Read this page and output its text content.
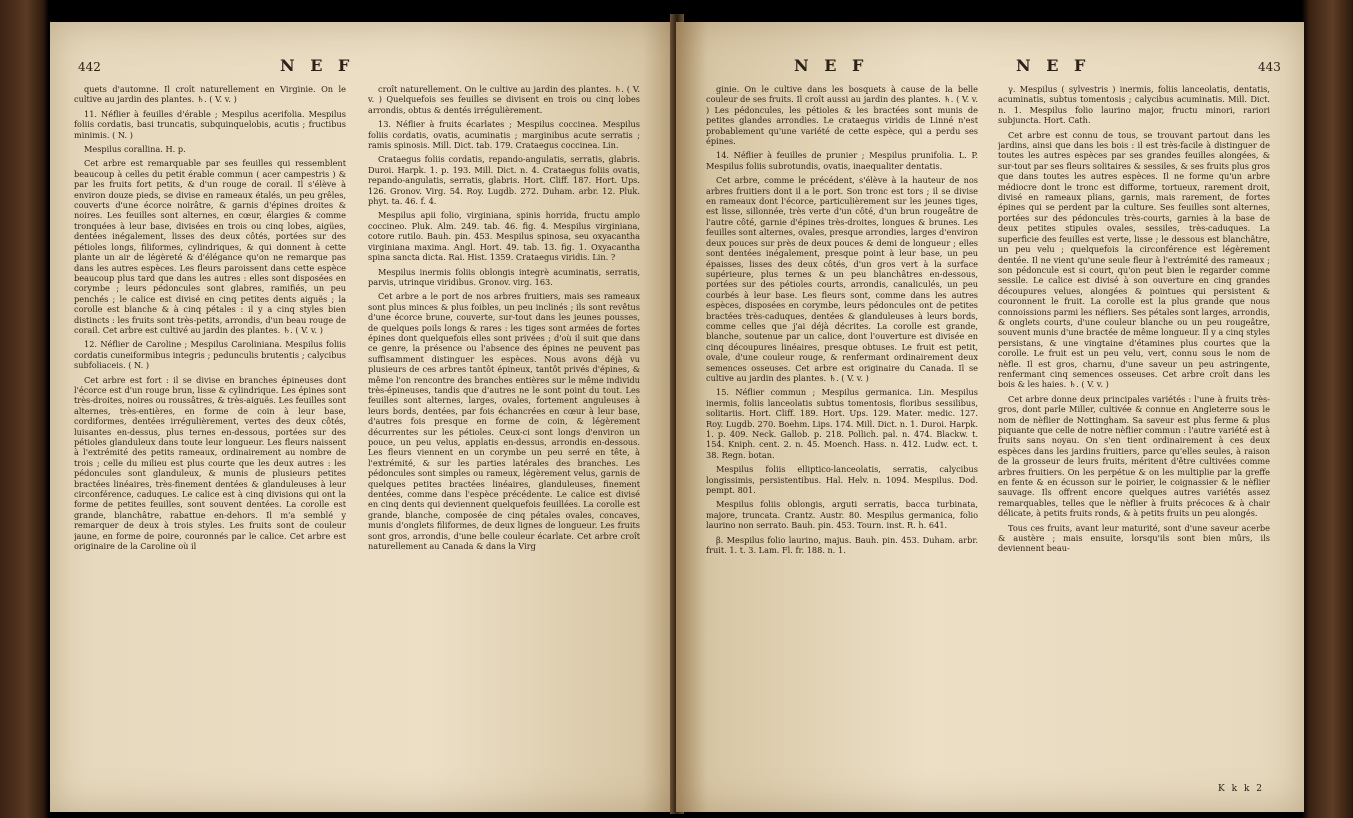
442	N E F

quets d'automne. Il croît naturellement en Virginie. On le cultive au jardin des plantes. ♄. ( V. v. )

11. Néflier à feuilles d'érable ; Mespilus acerifolia. Mespilus foliis cordatis, basi truncatis, subquinquelobis, acutis ; fructibus minimis. ( N. )

Mespilus corallina. H. p.

Cet arbre est remarquable par ses feuilles qui ressemblent beaucoup à celles du petit érable commun ( acer campestris ) & par les fruits fort petits, & d'un rouge de corail. Il s'élève à environ douze pieds, se divise en rameaux étalés, un peu grêles, couverts d'une écorce noirâtre, & garnis d'épines droites & noires. Les feuilles sont alternes, en cœur, élargies & comme tronquées à leur base, divisées en trois ou cinq lobes, aigües, dentées inégalement, lisses des deux côtés, portées sur des pétioles longs, filiformes, cylindriques, & qui donnent à cette plante un air de légèreté & d'élégance qu'on ne remarque pas dans les autres espèces. Les fleurs paroissent dans cette espèce beaucoup plus tard que dans les autres : elles sont disposées en corymbe ; leurs pédoncules sont glabres, ramifiés, un peu penchés ; le calice est divisé en cinq petites dents aiguës ; la corolle est blanche & à cinq pétales : il y a cinq styles bien distincts : les fruits sont très-petits, arrondis, d'un beau rouge de corail. Cet arbre est cultivé au jardin des plantes. ♄. ( V. v. )

12. Néflier de Caroline ; Mespilus Caroliniana. Mespilus foliis cordatis cuneiformibus integris ; pedunculis brutentis ; calycibus subfoliaceis. ( N. )

Cet arbre est fort : il se divise en branches épineuses dont l'écorce est d'un rouge brun, lisse & cylindrique. Les épines sont très-droites, noires ou roussâtres, & très-aiguës. Les feuilles sont alternes, très-entières, en forme de coin à leur base, cordiformes, dentées irrégulièrement, vertes des deux côtés, luisantes en-dessus, plus ternes en-dessous, portées sur des pétioles glanduleux dans toute leur longueur. Les fleurs naissent à l'extrémité des petits rameaux, ordinairement au nombre de trois ; celle du milieu est plus courte que les deux autres : les pédoncules sont glanduleux, & munis de plusieurs petites bractées linéaires, très-finement dentées & glanduleuses à leur circonférence, caduques. Le calice est à cinq divisions qui ont la forme de petites feuilles, sont souvent dentées. La corolle est grande, blanchâtre, rabattue en-dehors. Il m'a semblé y remarquer de deux à trois styles. Les fruits sont de couleur jaune, en forme de poire, couronnés par le calice. Cet arbre est originaire de la Caroline où il

croît naturellement. On le cultive au jardin des plantes. ♄. ( V. v. ) Quelquefois ses feuilles se divisent en trois ou cinq lobes arrondis, obtus & dentés irrégulièrement.

13. Néflier à fruits écarlates ; Mespilus coccinea. Mespilus foliis cordatis, ovatis, acuminatis ; marginibus acute serratis ; ramis spinosis. Mill. Dict. tab. 179. Crataegus coccinea. Lin.

Crataegus foliis cordatis, repando-angulatis, serratis, glabris. Duroi. Harpk. 1. p. 193. Mill. Dict. n. 4. Crataegus foliis ovatis, repando-angulatis, serratis, glabris. Hort. Cliff. 187. Hort. Ups. 126. Gronov. Virg. 54. Roy. Lugdb. 272. Duham. arbr. 12. Pluk. phyt. ta. 46. f. 4.

Mespilus apii folio, virginiana, spinis horrida, fructu amplo coccineo. Pluk. Alm. 249. tab. 46. fig. 4. Mespilus virginiana, cotore rutilo. Bauh. pin. 453. Mespilus spinosa, seu oxyacantha virginiana maxima. Angl. Hort. 49. tab. 13. fig. 1. Oxyacantha spina sancta dicta. Rai. Hist. 1359. Crataegus viridis. Lin. ?

Mespilus inermis foliis oblongis integrè acuminatis, serratis, parvis, utrinque viridibus. Gronov. virg. 163.

Cet arbre a le port de nos arbres fruitiers, mais ses rameaux sont plus minces & plus foibles, un peu inclinés ; ils sont revêtus d'une écorce brune, couverte, sur-tout dans les jeunes pousses, de quelques poils longs & rares : les tiges sont armées de fortes épines dont quelquefois elles sont privées ; d'où il suit que dans ce genre, la présence ou l'absence des épines ne peuvent pas suffisamment distinguer les espèces. Nous avons déjà vu plusieurs de ces arbres tantôt épineux, tantôt privés d'épines, & même l'on rencontre des branches entières sur le même individu très-épineuses, tandis que d'autres ne le sont point du tout. Les feuilles sont alternes, larges, ovales, fortement anguleuses à leurs bords, dentées, par fois échancrées en cœur à leur base, d'autres fois presque en forme de coin, & légèrement décurrentes sur les pétioles. Ceux-ci sont longs d'environ un pouce, un peu velus, applatis en-dessus, arrondis en-dessous. Les fleurs viennent en un corymbe un peu serré en tête, à l'extrémité, & sur les parties latérales des branches. Les pédoncules sont simples ou rameux, légèrement velus, garnis de quelques petites bractées linéaires, glanduleuses, finement dentées, comme dans l'espèce précédente. Le calice est divisé en cinq dents qui deviennent quelquefois feuillées. La corolle est grande, blanche, composée de cinq pétales ovales, concaves, munis d'onglets filiformes, de deux lignes de longueur. Les fruits sont gros, arrondis, d'une belle couleur écarlate. Cet arbre croît naturellement au Canada & dans la Virg

N E F	N E F	443

ginie. On le cultive dans les bosquets à cause de la belle couleur de ses fruits. Il croît aussi au jardin des plantes. ♄. ( V. v. ) Les pédoncules, les pétioles & les bractées sont munis de petites glandes arrondies. Le crataegus viridis de Linné n'est probablement qu'une variété de cette espèce, qui a perdu ses épines.

14. Néflier à feuilles de prunier ; Mespilus prunifolia. L. P. Mespilus foliis subrotundis, ovatis, inaequaliter dentatis.

Cet arbre, comme le précédent, s'élève à la hauteur de nos arbres fruitiers dont il a le port. Son tronc est tors ; il se divise en rameaux dont l'écorce, particulièrement sur les jeunes tiges, est lisse, sillonnée, très verte d'un côté, d'un brun rougeâtre de l'autre côté, garnie d'épines très-droites, longues & brunes. Les feuilles sont alternes, ovales, presque arrondies, larges d'environ deux pouces sur près de deux pouces & demi de longueur ; elles sont dentées inégalement, presque point à leur base, un peu épaisses, lisses des deux côtés, d'un gros vert à la surface supérieure, plus ternes & un peu blanchâtres en-dessous, portées sur des pétioles courts, arrondis, canaliculés, un peu courbés à leur base. Les fleurs sont, comme dans les autres espèces, disposées en corymbe, leurs pédoncules ont de petites bractées très-caduques, dentées & glanduleuses à leurs bords, comme celles que j'ai déjà décrites. La corolle est grande, blanche, soutenue par un calice, dont l'ouverture est divisée en cinq découpures linéaires, presque obtuses. Le fruit est petit, ovale, d'une couleur rouge, & renfermant ordinairement deux semences osseuses. Cet arbre est originaire du Canada. Il se cultive au jardin des plantes. ♄. ( V. v. )

15. Néflier commun ; Mespilus germanica. Lin. Mespilus inermis, foliis lanceolatis subtus tomentosis, floribus sessilibus, solitariis. Hort. Cliff. 189. Hort. Ups. 129. Mater. medic. 127. Roy. Lugdb. 270. Boehm. Lips. 174. Mill. Dict. n. 1. Duroi. Harpk. 1. p. 409. Neck. Gallob. p. 218. Pollich. pal. n. 474. Blackw. t. 154. Kniph. cent. 2. n. 45. Moench. Hass. n. 412. Ludw. ect. t. 38. Regn. botan.

Mespilus foliis elliptico-lanceolatis, serratis, calycibus longissimis, persistentibus. Hal. Helv. n. 1094. Mespilus. Dod. pempt. 801.

Mespilus foliis oblongis, arguti serratis, bacca turbinata, majore, truncata. Crantz. Austr. 80. Mespilus germanica, folio laurino non serrato. Bauh. pin. 453. Tourn. inst. R. h. 641.

β. Mespilus folio laurino, majus. Bauh. pin. 453. Duham. arbr. fruit. 1. t. 3. Lam. Fl. fr. 188. n. 1.

γ. Mespilus ( sylvestris ) inermis, foliis lanceolatis, dentatis, acuminatis, subtus tomentosis ; calycibus acuminatis. Mill. Dict. n. 1. Mespilus folio laurino major, fructu minori, rariori subjuncta. Hort. Cath.

Cet arbre est connu de tous, se trouvant partout dans les jardins, ainsi que dans les bois : il est très-facile à distinguer de toutes les autres espèces par ses grandes feuilles alongées, & sur-tout par ses fleurs solitaires & sessiles, & ses fruits plus gros que dans toutes les autres espèces. Il ne forme qu'un arbre médiocre dont le tronc est difforme, tortueux, rarement droit, divisé en rameaux plians, garnis, mais rarement, de fortes épines qui se perdent par la culture. Ses feuilles sont alternes, portées sur des pédoncules très-courts, garnies à la base de deux petites stipules ovales, sessiles, très-caduques. La superficie des feuilles est verte, lisse ; le dessous est blanchâtre, un peu velu ; quelquefois la circonférence est légèrement dentée. Il ne vient qu'une seule fleur à l'extrémité des rameaux ; son pédoncule est si court, qu'on peut bien le regarder comme sessile. Le calice est divisé à son ouverture en cinq grandes découpures velues, alongées & pointues qui persistent & couronnent le fruit. La corolle est la plus grande que nous connoissions parmi les néfliers. Ses pétales sont larges, arrondis, & onglets courts, d'une couleur blanche ou un peu rougeâtre, souvent munis d'une bractée de même longueur. Il y a cinq styles persistans, & une vingtaine d'étamines plus courtes que la corolle. Le fruit est un peu velu, vert, connu sous le nom de nèfle. Il est gros, charnu, d'une saveur un peu astringente, renfermant cinq semences osseuses. Cet arbre croît dans les bois & les haies. ♄. ( V. v. )

Cet arbre donne deux principales variétés : l'une à fruits très-gros, dont parle Miller, cultivée & connue en Angleterre sous le nom de nèflier de Nottingham. Sa saveur est plus ferme & plus piquante que celle de notre nèflier commun : l'autre variété est à fruits sans noyau. On s'en tient ordinairement à ces deux espèces dans les jardins fruitiers, parce qu'elles seules, à raison de la grosseur de leurs fruits, méritent d'être cultivées comme arbres fruitiers. On les perpétue & on les multiplie par la greffe en fente & en écusson sur le poirier, le coignassier & le nèflier sauvage. Ils offrent encore quelques autres variétés assez remarquables, telles que le nèflier à fruits précoces & à chair délicate, à petits fruits ronds, & à petits fruits un peu alongés.

Tous ces fruits, avant leur maturité, sont d'une saveur acerbe & austère ; mais ensuite, lorsqu'ils sont bien mûrs, ils deviennent beau-

K k k 2
